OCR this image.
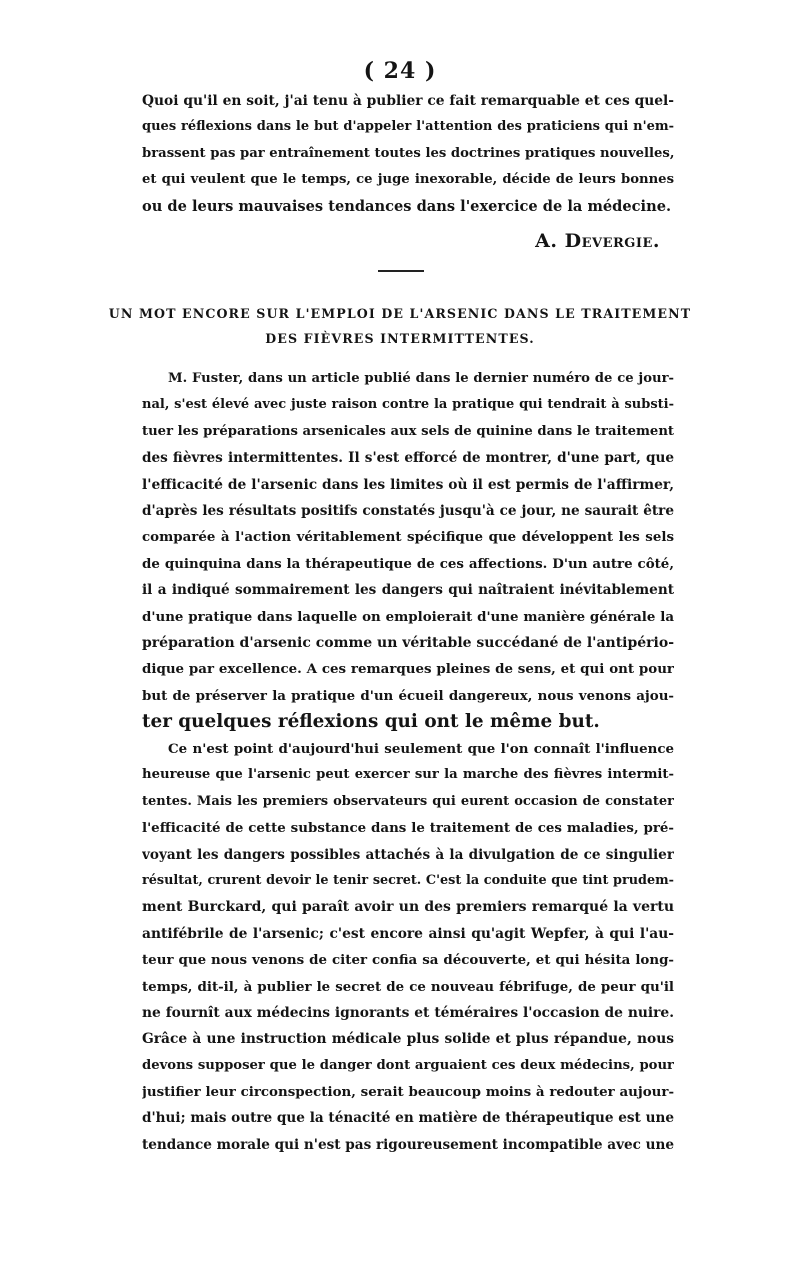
( 24 )
Quoi qu'il en soit, j'ai tenu à publier ce fait remarquable et ces quel-
ques réflexions dans le but d'appeler l'attention des praticiens qui n'em-
brassent pas par entraînement toutes les doctrines pratiques nouvelles,
et qui veulent que le temps, ce juge inexorable, décide de leurs bonnes
ou de leurs mauvaises tendances dans l'exercice de la médecine.
A. Devergie.
UN MOT ENCORE SUR L'EMPLOI DE L'ARSENIC DANS LE TRAITEMENT
DES FIÈVRES INTERMITTENTES.
M. Fuster, dans un article publié dans le dernier numéro de ce jour-
nal, s'est élevé avec juste raison contre la pratique qui tendrait à substi-
tuer les préparations arsenicales aux sels de quinine dans le traitement
des fièvres intermittentes. Il s'est efforcé de montrer, d'une part, que
l'efficacité de l'arsenic dans les limites où il est permis de l'affirmer,
d'après les résultats positifs constatés jusqu'à ce jour, ne saurait être
comparée à l'action véritablement spécifique que développent les sels
de quinquina dans la thérapeutique de ces affections. D'un autre côté,
il a indiqué sommairement les dangers qui naîtraient inévitablement
d'une pratique dans laquelle on emploierait d'une manière générale la
préparation d'arsenic comme un véritable succédané de l'antipério-
dique par excellence. A ces remarques pleines de sens, et qui ont pour
but de préserver la pratique d'un écueil dangereux, nous venons ajou-
ter quelques réflexions qui ont le même but.
Ce n'est point d'aujourd'hui seulement que l'on connaît l'influence
heureuse que l'arsenic peut exercer sur la marche des fièvres intermit-
tentes. Mais les premiers observateurs qui eurent occasion de constater
l'efficacité de cette substance dans le traitement de ces maladies, pré-
voyant les dangers possibles attachés à la divulgation de ce singulier
résultat, crurent devoir le tenir secret. C'est la conduite que tint prudem-
ment Burckard, qui paraît avoir un des premiers remarqué la vertu
antifébrile de l'arsenic; c'est encore ainsi qu'agit Wepfer, à qui l'au-
teur que nous venons de citer confia sa découverte, et qui hésita long-
temps, dit-il, à publier le secret de ce nouveau fébrifuge, de peur qu'il
ne fournît aux médecins ignorants et téméraires l'occasion de nuire.
Grâce à une instruction médicale plus solide et plus répandue, nous
devons supposer que le danger dont arguaient ces deux médecins, pour
justifier leur circonspection, serait beaucoup moins à redouter aujour-
d'hui; mais outre que la ténacité en matière de thérapeutique est une
tendance morale qui n'est pas rigoureusement incompatible avec une
